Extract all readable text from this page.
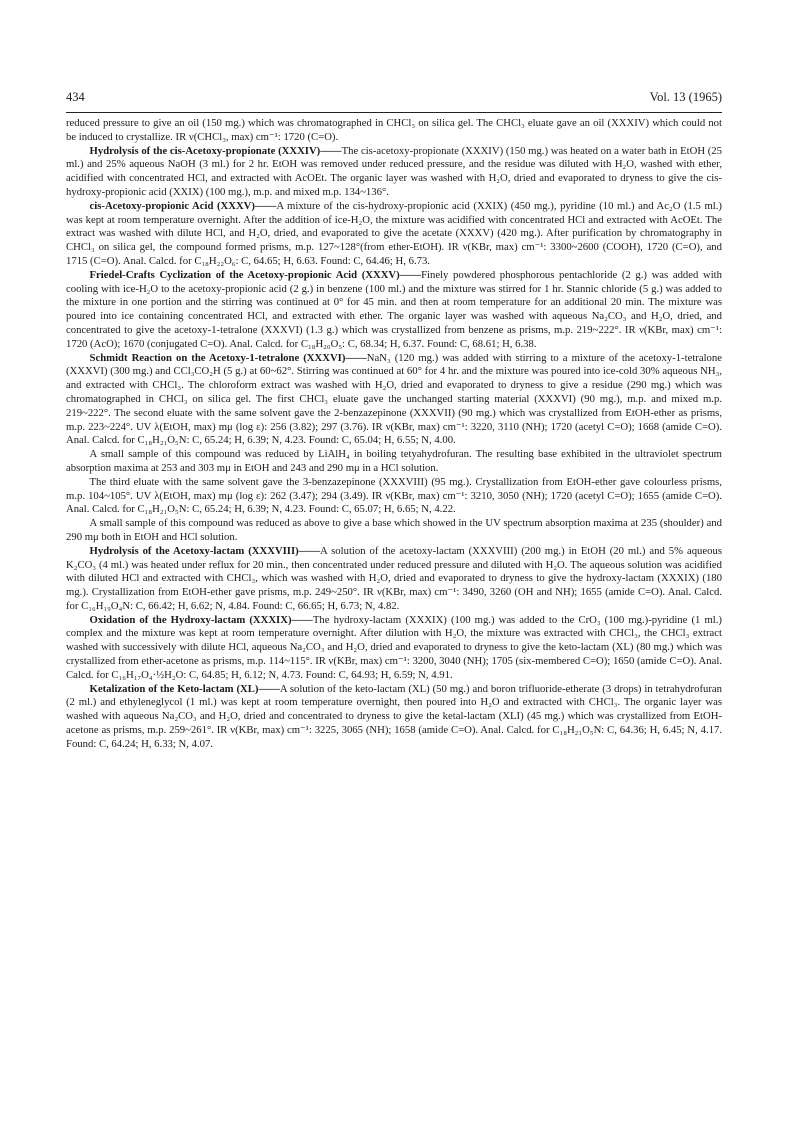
434	Vol. 13 (1965)

reduced pressure to give an oil (150 mg.) which was chromatographed in CHCl₃ on silica gel. The CHCl₃ eluate gave an oil (XXXIV) which could not be induced to crystallize. IR ν(CHCl₃, max) cm⁻¹: 1720 (C=O).

Hydrolysis of the cis-Acetoxy-propionate (XXXIV)——The cis-acetoxy-propionate (XXXIV) (150 mg.) was heated on a water bath in EtOH (25 ml.) and 25% aqueous NaOH (3 ml.) for 2 hr. EtOH was removed under reduced pressure, and the residue was diluted with H₂O, washed with ether, acidified with concentrated HCl, and extracted with AcOEt. The organic layer was washed with H₂O, dried and evaporated to dryness to give the cis-hydroxy-propionic acid (XXIX) (100 mg.), m.p. and mixed m.p. 134~136°.

cis-Acetoxy-propionic Acid (XXXV)——A mixture of the cis-hydroxy-propionic acid (XXIX) (450 mg.), pyridine (10 ml.) and Ac₂O (1.5 ml.) was kept at room temperature overnight. After the addition of ice-H₂O, the mixture was acidified with concentrated HCl and extracted with AcOEt. The extract was washed with dilute HCl, and H₂O, dried, and evaporated to give the acetate (XXXV) (420 mg.). After purification by chromatography in CHCl₃ on silica gel, the compound formed prisms, m.p. 127~128°(from ether-EtOH). IR ν(KBr, max) cm⁻¹: 3300~2600 (COOH), 1720 (C=O), and 1715 (C=O). Anal. Calcd. for C₁₈H₂₂O₆: C, 64.65; H, 6.63. Found: C, 64.46; H, 6.73.

Friedel-Crafts Cyclization of the Acetoxy-propionic Acid (XXXV)——Finely powdered phosphorous pentachloride (2 g.) was added with cooling with ice-H₂O to the acetoxy-propionic acid (2 g.) in benzene (100 ml.) and the mixture was stirred for 1 hr. Stannic chloride (5 g.) was added to the mixture in one portion and the stirring was continued at 0° for 45 min. and then at room temperature for an additional 20 min. The mixture was poured into ice containing concentrated HCl, and extracted with ether. The organic layer was washed with aqueous Na₂CO₃ and H₂O, dried, and concentrated to give the acetoxy-1-tetralone (XXXVI) (1.3 g.) which was crystallized from benzene as prisms, m.p. 219~222°. IR ν(KBr, max) cm⁻¹: 1720 (AcO); 1670 (conjugated C=O). Anal. Calcd. for C₁₈H₂₀O₅: C, 68.34; H, 6.37. Found: C, 68.61; H, 6.38.

Schmidt Reaction on the Acetoxy-1-tetralone (XXXVI)——NaN₃ (120 mg.) was added with stirring to a mixture of the acetoxy-1-tetralone (XXXVI) (300 mg.) and CCl₃CO₂H (5 g.) at 60~62°. Stirring was continued at 60° for 4 hr. and the mixture was poured into ice-cold 30% aqueous NH₃, and extracted with CHCl₃. The chloroform extract was washed with H₂O, dried and evaporated to dryness to give a residue (290 mg.) which was chromatographed in CHCl₃ on silica gel. The first CHCl₃ eluate gave the unchanged starting material (XXXVI) (90 mg.), m.p. and mixed m.p. 219~222°. The second eluate with the same solvent gave the 2-benzazepinone (XXXVII) (90 mg.) which was crystallized from EtOH-ether as prisms, m.p. 223~224°. UV λ(EtOH, max) mμ (log ε): 256 (3.82); 297 (3.76). IR ν(KBr, max) cm⁻¹: 3220, 3110 (NH); 1720 (acetyl C=O); 1668 (amide C=O). Anal. Calcd. for C₁₈H₂₁O₅N: C, 65.24; H, 6.39; N, 4.23. Found: C, 65.04; H, 6.55; N, 4.00.

A small sample of this compound was reduced by LiAlH₄ in boiling tetyahydrofuran. The resulting base exhibited in the ultraviolet spectrum absorption maxima at 253 and 303 mμ in EtOH and 243 and 290 mμ in a HCl solution.

The third eluate with the same solvent gave the 3-benzazepinone (XXXVIII) (95 mg.). Crystallization from EtOH-ether gave colourless prisms, m.p. 104~105°. UV λ(EtOH, max) mμ (log ε): 262 (3.47); 294 (3.49). IR ν(KBr, max) cm⁻¹: 3210, 3050 (NH); 1720 (acetyl C=O); 1655 (amide C=O). Anal. Calcd. for C₁₈H₂₁O₅N: C, 65.24; H, 6.39; N, 4.23. Found: C, 65.07; H, 6.65; N, 4.22.

A small sample of this compound was reduced as above to give a base which showed in the UV spectrum absorption maxima at 235 (shoulder) and 290 mμ both in EtOH and HCl solution.

Hydrolysis of the Acetoxy-lactam (XXXVIII)——A solution of the acetoxy-lactam (XXXVIII) (200 mg.) in EtOH (20 ml.) and 5% aqueous K₂CO₃ (4 ml.) was heated under reflux for 20 min., then concentrated under reduced pressure and diluted with H₂O. The aqueous solution was acidified with diluted HCl and extracted with CHCl₃, which was washed with H₂O, dried and evaporated to dryness to give the hydroxy-lactam (XXXIX) (180 mg.). Crystallization from EtOH-ether gave prisms, m.p. 249~250°. IR ν(KBr, max) cm⁻¹: 3490, 3260 (OH and NH); 1655 (amide C=O). Anal. Calcd. for C₁₆H₁₉O₄N: C, 66.42; H, 6.62; N, 4.84. Found: C, 66.65; H, 6.73; N, 4.82.

Oxidation of the Hydroxy-lactam (XXXIX)——The hydroxy-lactam (XXXIX) (100 mg.) was added to the CrO₃ (100 mg.)-pyridine (1 ml.) complex and the mixture was kept at room temperature overnight. After dilution with H₂O, the mixture was extracted with CHCl₃, the CHCl₃ extract washed with successively with dilute HCl, aqueous Na₂CO₃ and H₂O, dried and evaporated to dryness to give the keto-lactam (XL) (80 mg.) which was crystallized from ether-acetone as prisms, m.p. 114~115°. IR ν(KBr, max) cm⁻¹: 3200, 3040 (NH); 1705 (six-membered C=O); 1650 (amide C=O). Anal. Calcd. for C₁₆H₁₇O₄·½H₂O: C, 64.85; H, 6.12; N, 4.73. Found: C, 64.93; H, 6.59; N, 4.91.

Ketalization of the Keto-lactam (XL)——A solution of the keto-lactam (XL) (50 mg.) and boron trifluoride-etherate (3 drops) in tetrahydrofuran (2 ml.) and ethyleneglycol (1 ml.) was kept at room temperature overnight, then poured into H₂O and extracted with CHCl₃. The organic layer was washed with aqueous Na₂CO₃ and H₂O, dried and concentrated to dryness to give the ketal-lactam (XLI) (45 mg.) which was crystallized from EtOH-acetone as prisms, m.p. 259~261°. IR ν(KBr, max) cm⁻¹: 3225, 3065 (NH); 1658 (amide C=O). Anal. Calcd. for C₁₈H₂₁O₅N: C, 64.36; H, 6.45; N, 4.17. Found: C, 64.24; H, 6.33; N, 4.07.
